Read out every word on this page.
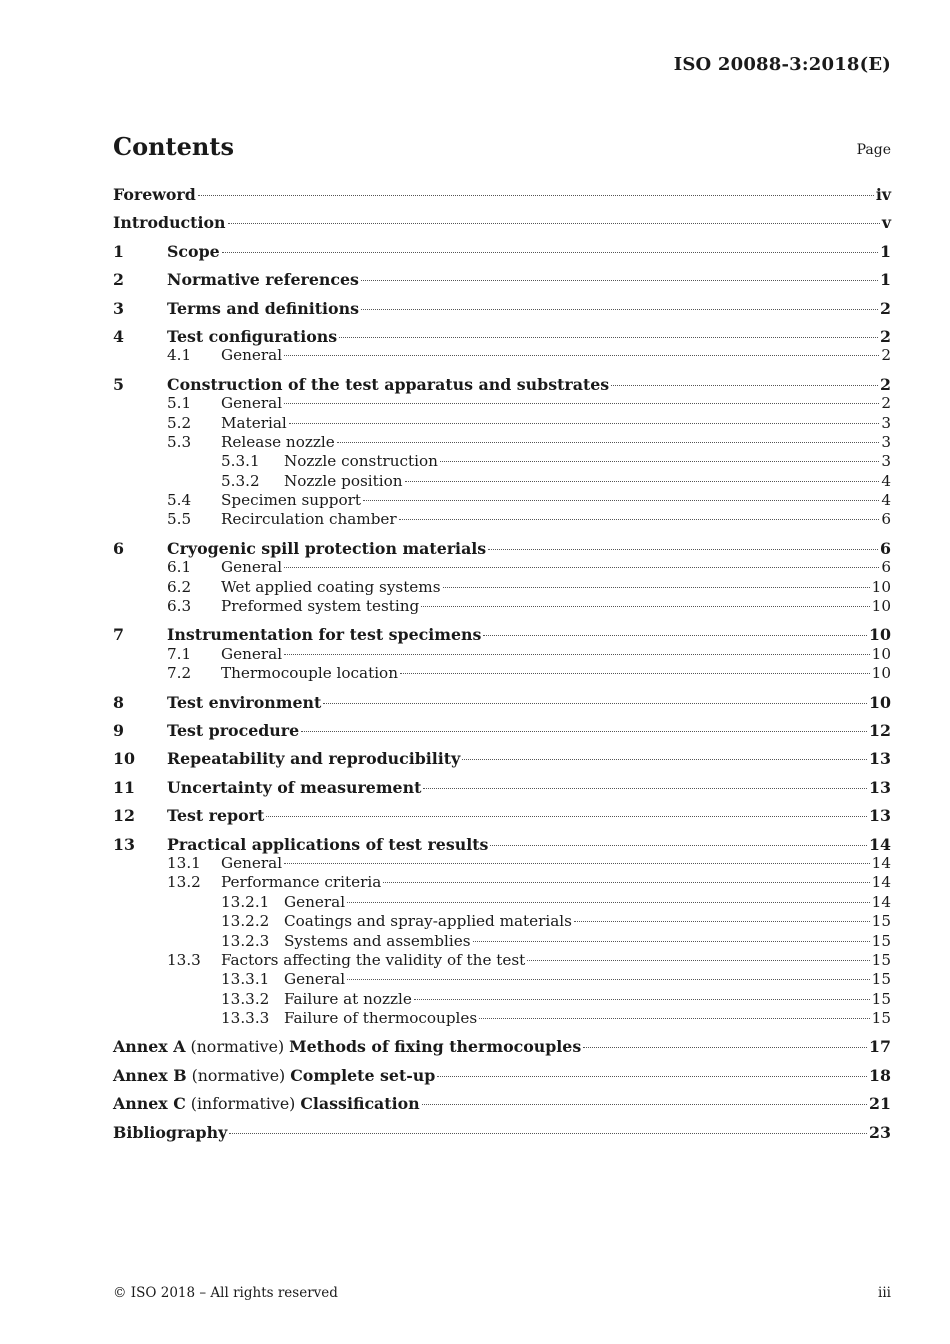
ISO 20088-3:2018(E)
Contents	Page
Foreword	iv
Introduction	v
1	Scope	1
2	Normative references	1
3	Terms and definitions	2
4	Test configurations	2
4.1	General	2
5	Construction of the test apparatus and substrates	2
5.1	General	2
5.2	Material	3
5.3	Release nozzle	3
5.3.1	Nozzle construction	3
5.3.2	Nozzle position	4
5.4	Specimen support	4
5.5	Recirculation chamber	6
6	Cryogenic spill protection materials	6
6.1	General	6
6.2	Wet applied coating systems	10
6.3	Preformed system testing	10
7	Instrumentation for test specimens	10
7.1	General	10
7.2	Thermocouple location	10
8	Test environment	10
9	Test procedure	12
10	Repeatability and reproducibility	13
11	Uncertainty of measurement	13
12	Test report	13
13	Practical applications of test results	14
13.1	General	14
13.2	Performance criteria	14
13.2.1 General	14
13.2.2 Coatings and spray-applied materials	15
13.2.3 Systems and assemblies	15
13.3	Factors affecting the validity of the test	15
13.3.1 General	15
13.3.2 Failure at nozzle	15
13.3.3 Failure of thermocouples	15
Annex A (normative) Methods of fixing thermocouples	17
Annex B (normative) Complete set-up	18
Annex C (informative) Classification	21
Bibliography	23
© ISO 2018 – All rights reserved	iii
